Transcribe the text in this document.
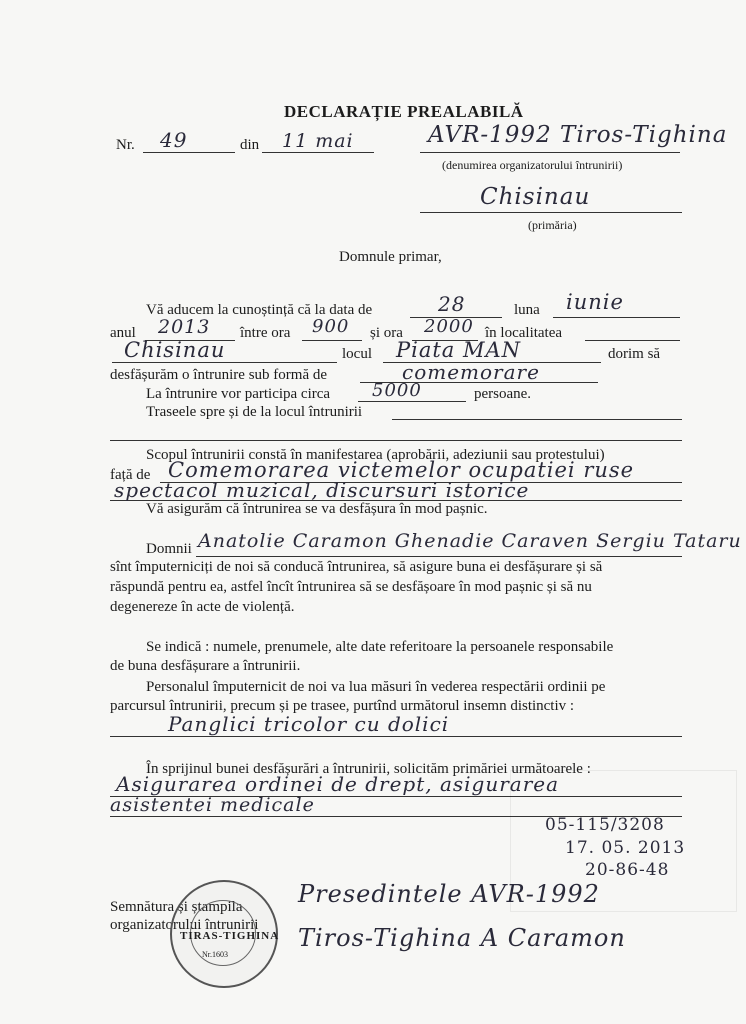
DECLARAȚIE PREALABILĂ
Nr. 49	din 11 mai	AVR-1992 Tiros-Tighina
(denumirea organizatorului întrunirii)
Chisinau
(primăria)
Domnule primar,
Vă aducem la cunoștință că la data de	28	luna iunie
anul 2013 între ora 900 și ora 2000 în localitatea
Chisinau	locul Piata MAN	dorim să
desfășurăm o întrunire sub formă de	comemorare
La întrunire vor participa circa 5000	persoane.
Traseele spre și de la locul întrunirii
Scopul întrunirii constă în manifestarea (aprobării, adeziunii sau protestului)
față de Comemorarea victemelor ocupatiei ruse
spectacol muzical, discursuri istorice
Vă asigurăm că întrunirea se va desfășura în mod pașnic.
Domnii Anatolie Caramon Ghenadie Caraven Sergiu Tataru
sînt împuterniciți de noi să conducă întrunirea, să asigure buna ei desfășurare și să
răspundă pentru ea, astfel încît întrunirea să se desfășoare în mod pașnic și să nu
degenereze în acte de violență.
Se indică : numele, prenumele, alte date referitoare la persoanele responsabile
de buna desfășurare a întrunirii.
Personalul împuternicit de noi va lua măsuri în vederea respectării ordinii pe
parcursul întrunirii, precum și pe trasee, purtînd următorul insemn distinctiv :
Panglici tricolor cu dolici
În sprijinul bunei desfășurări a întrunirii, solicităm primăriei următoarele :
Asigurarea ordinei de drept, asigurarea
asistentei medicale
05-115/3208
17. 05. 2013
20-86-48
Semnătura și ștampila
organizatorului întrunirii
TIRAS-TIGHINA
Nr.1603
Presedintele AVR-1992
Tiros-Tighina A Caramon
